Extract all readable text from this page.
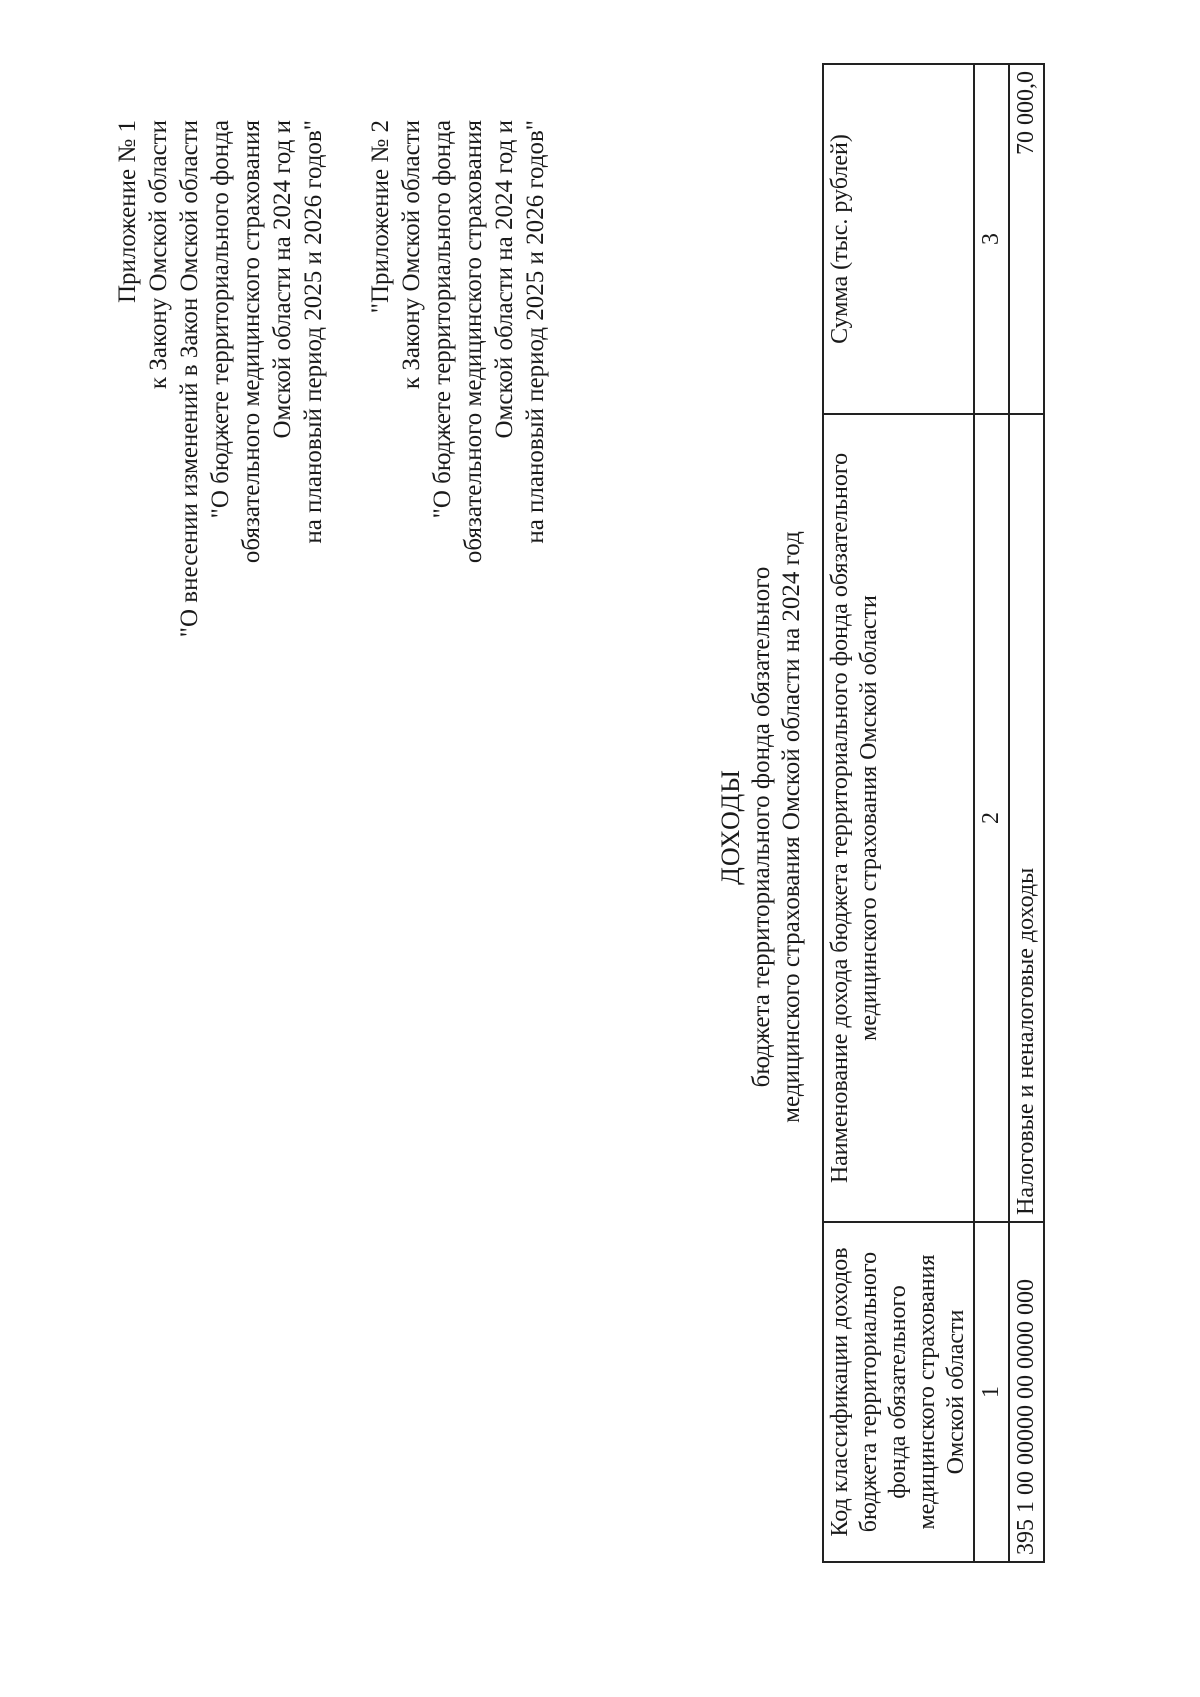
Приложение № 1 к Закону Омской области "О внесении изменений в Закон Омской области "О бюджете территориального фонда обязательного медицинского страхования Омской области на 2024 год и на плановый период 2025 и 2026 годов" "Приложение № 2 к Закону Омской области "О бюджете территориального фонда обязательного медицинского страхования Омской области на 2024 год и на плановый период 2025 и 2026 годов"
ДОХОДЫ бюджета территориального фонда обязательного медицинского страхования Омской области на 2024 год
Код классификации доходов бюджета территориального фонда обязательного медицинского страхования Омской области	Наименование дохода бюджета территориального фонда обязательного медицинского страхования Омской области	Сумма (тыс. рублей)
1	2	3
395 1 00 00000 00 0000 000	Налоговые и неналоговые доходы	70 000,0
